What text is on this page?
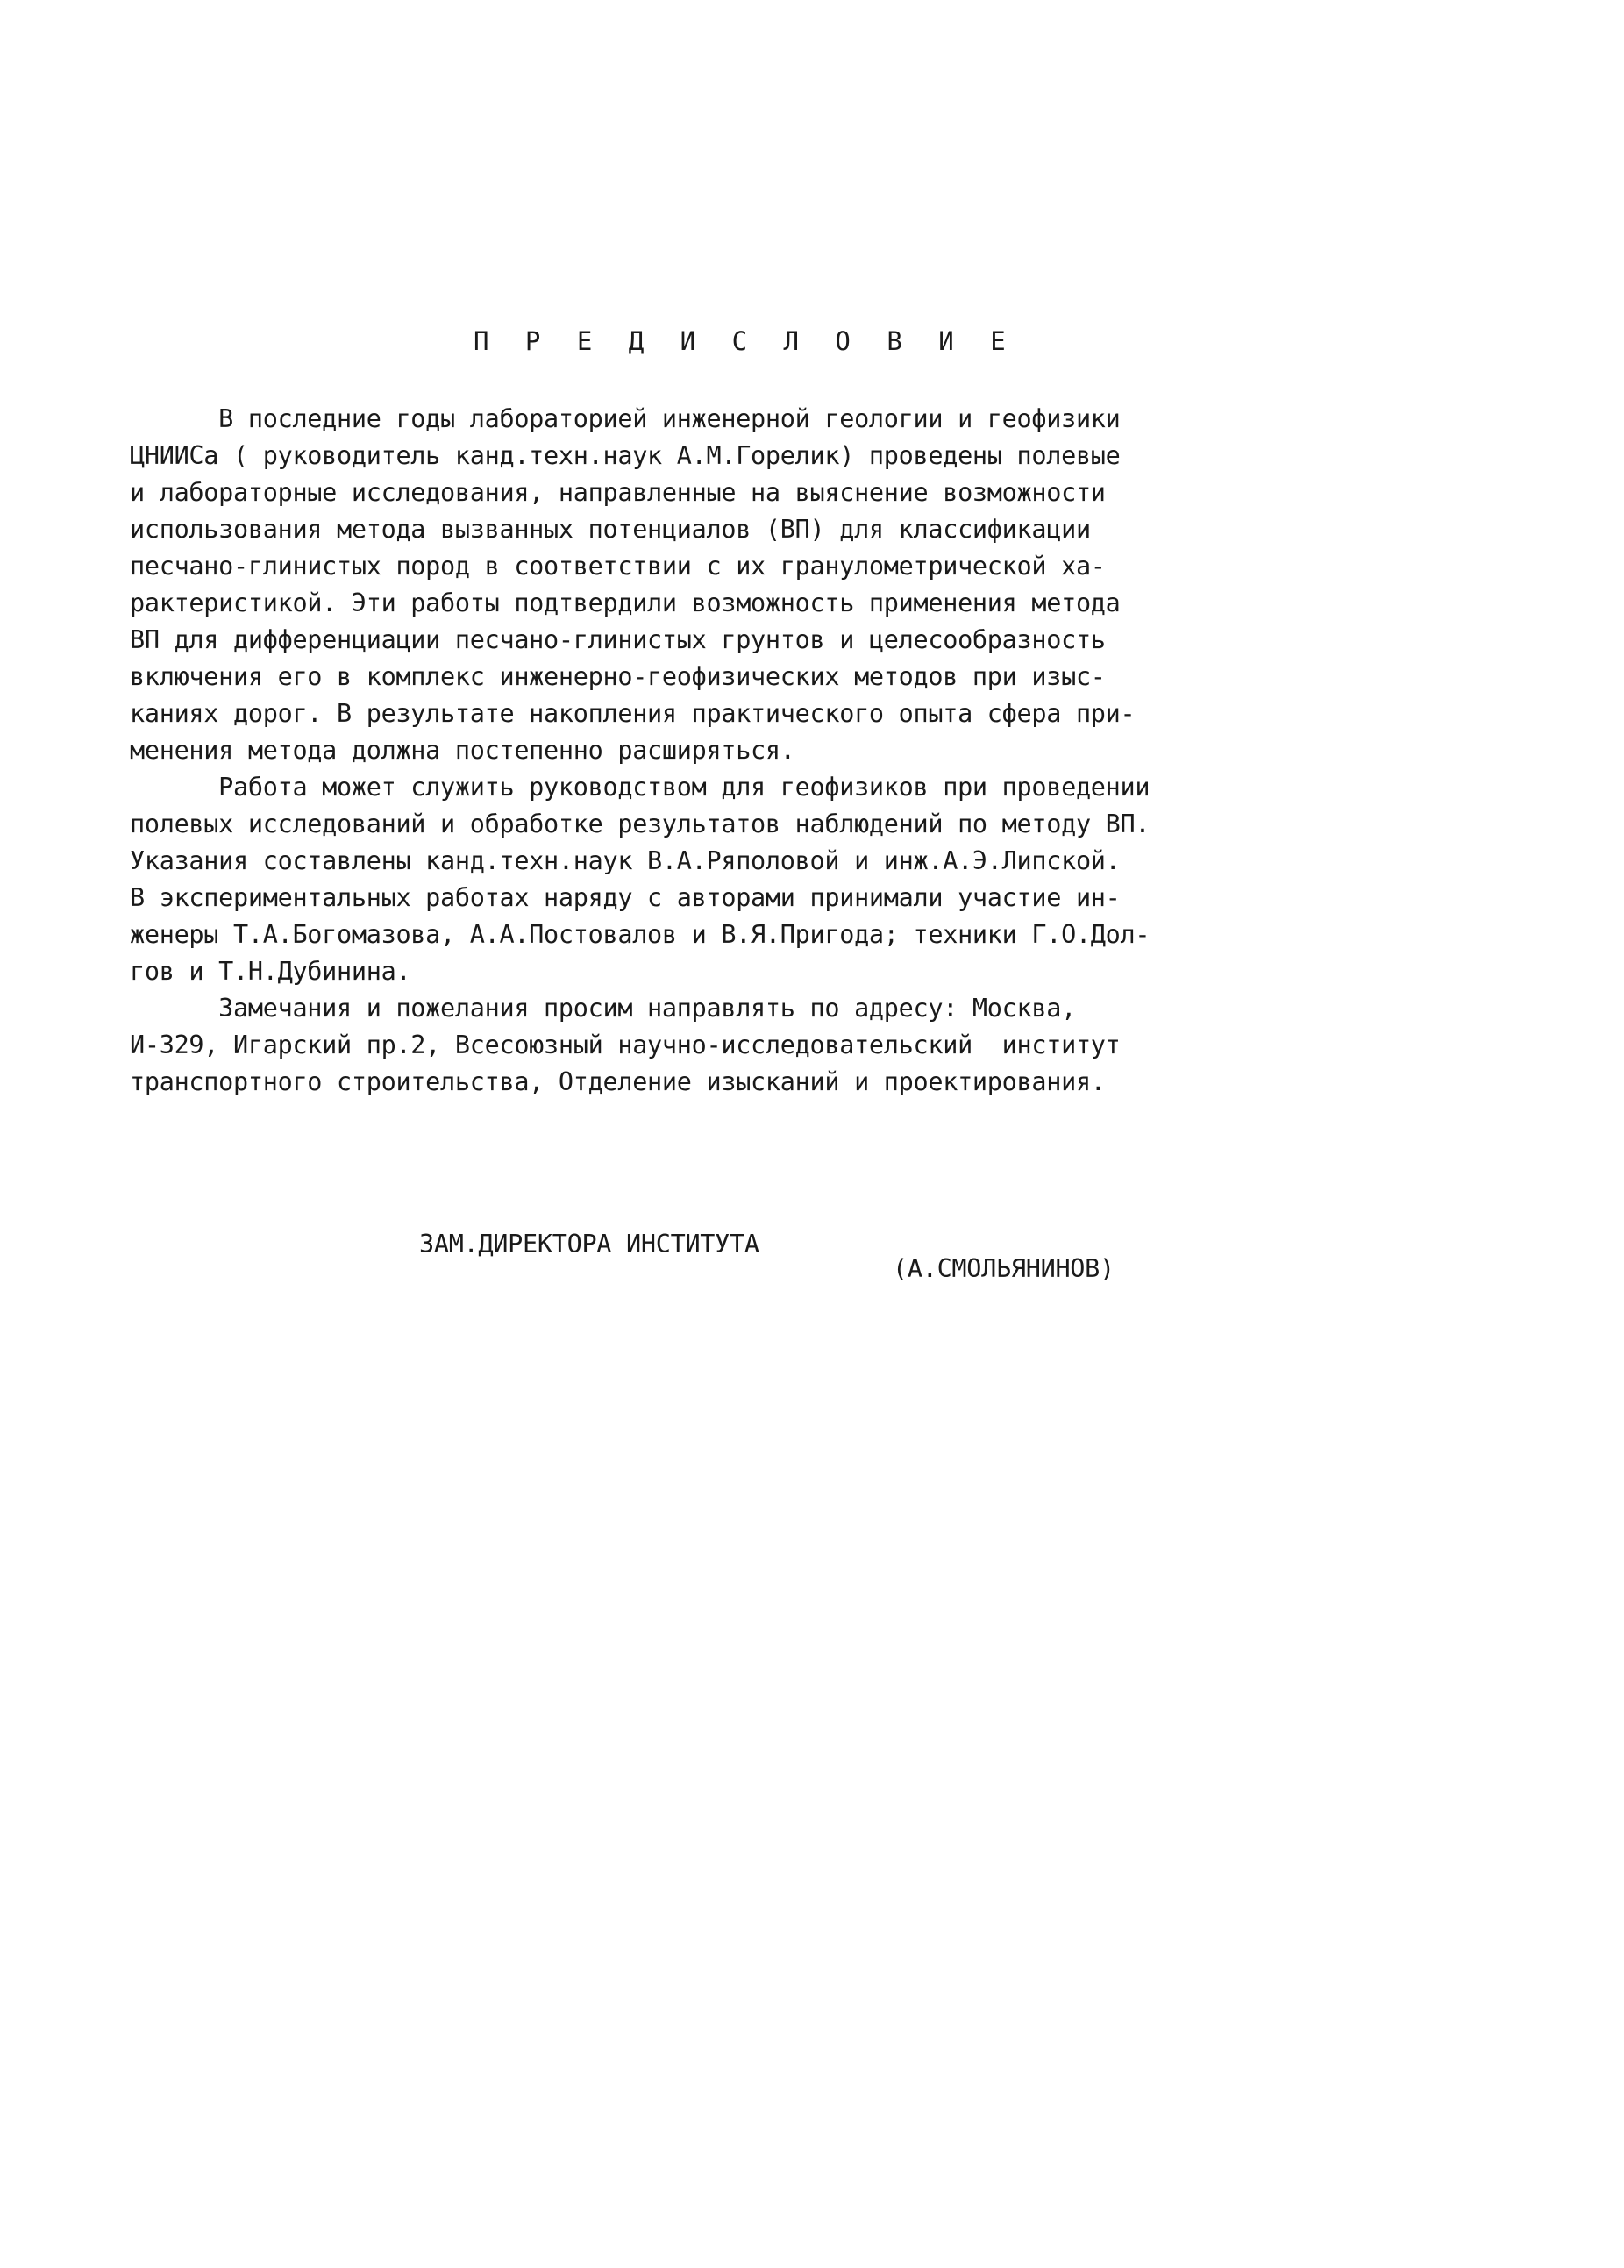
П Р Е Д И С Л О В И Е
В последние годы лабораторией инженерной геологии и геофизики
ЦНИИСа ( руководитель канд.техн.наук А.М.Горелик) проведены полевые
и лабораторные исследования, направленные на выяснение возможности
использования метода вызванных потенциалов (ВП) для классификации
песчано-глинистых пород в соответствии с их гранулометрической ха-
рактеристикой. Эти работы подтвердили возможность применения метода
ВП для дифференциации песчано-глинистых грунтов и целесообразность
включения его в комплекс инженерно-геофизических методов при изыс-
каниях дорог. В результате накопления практического опыта сфера при-
менения метода должна постепенно расширяться.
Работа может служить руководством для геофизиков при проведении
полевых исследований и обработке результатов наблюдений по методу ВП.
Указания составлены канд.техн.наук В.А.Ряполовой и инж.А.Э.Липской.
В экспериментальных работах наряду с авторами принимали участие ин-
женеры Т.А.Богомазова, А.А.Постовалов и В.Я.Пригода; техники Г.О.Дол-
гов и Т.Н.Дубинина.
Замечания и пожелания просим направлять по адресу: Москва,
И-329, Игарский пр.2, Всесоюзный научно-исследовательский  институт
транспортного строительства, Отделение изысканий и проектирования.
ЗАМ.ДИРЕКТОРА ИНСТИТУТА
(А.СМОЛЬЯНИНОВ)
